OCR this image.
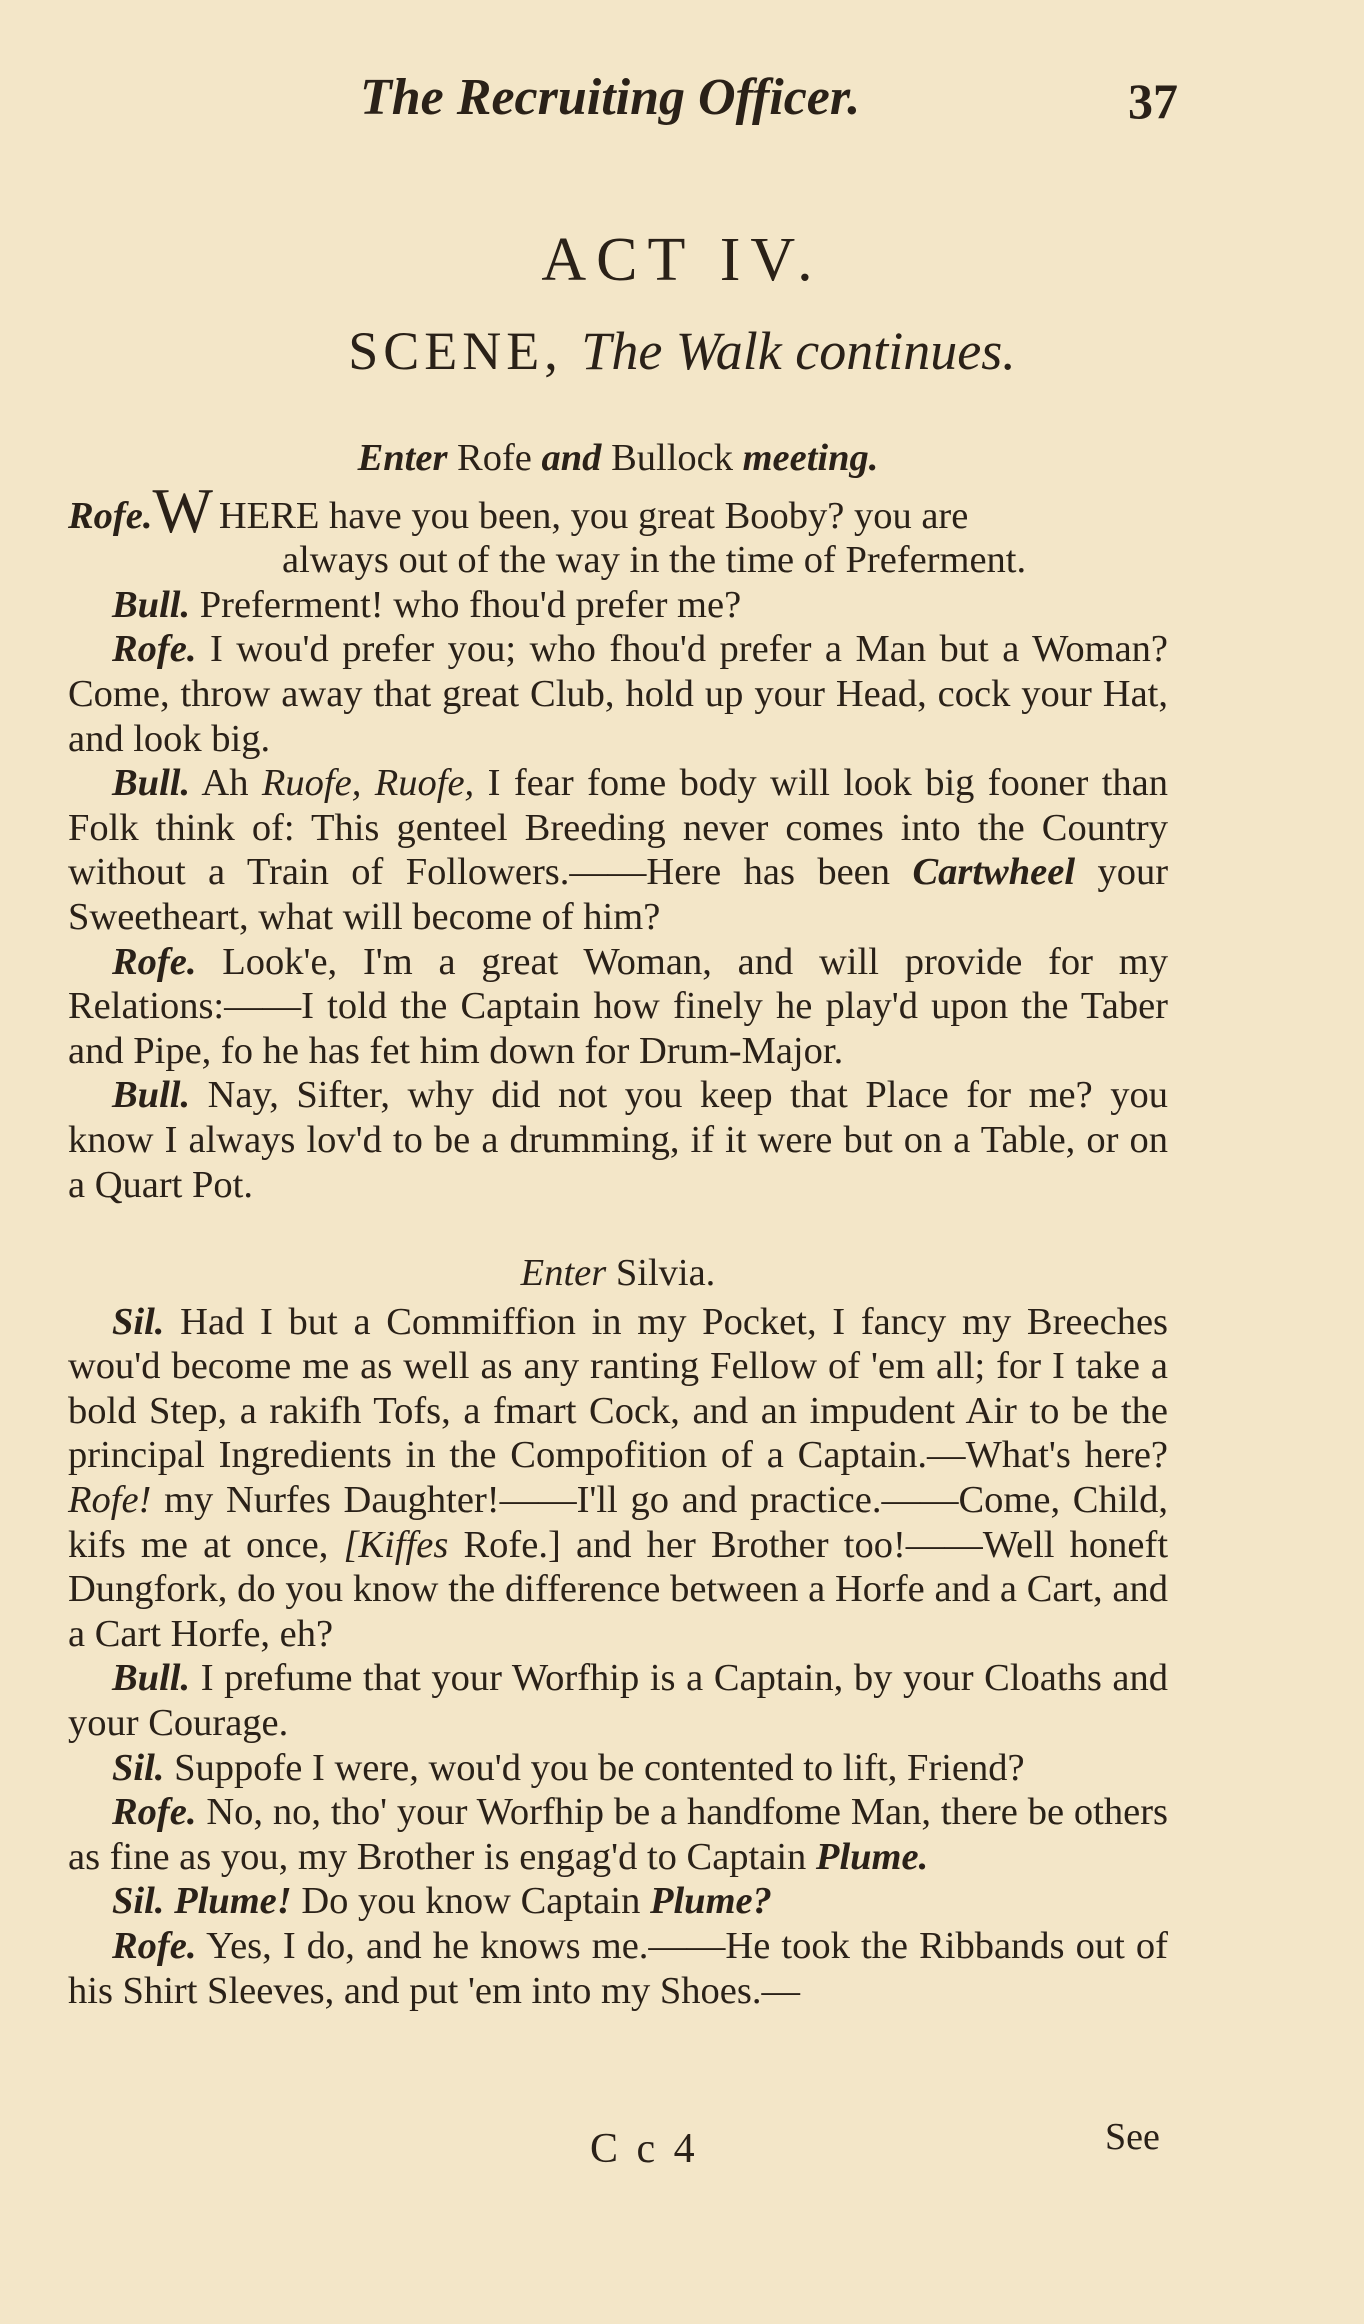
The Recruiting Officer.	37
ACT IV.
SCENE, The Walk continues.

Enter Rofe and Bullock meeting.

Rofe.W HERE have you been, you great Booby? you are
always out of the way in the time of Preferment.

Bull. Preferment! who fhou'd prefer me?

Rofe. I wou'd prefer you; who fhou'd prefer a Man but a Woman? Come, throw away that great Club, hold up your Head, cock your Hat, and look big.

Bull. Ah Ruofe, Ruofe, I fear fome body will look big fooner than Folk think of: This genteel Breeding never comes into the Country without a Train of Followers.——Here has been Cartwheel your Sweetheart, what will become of him?

Rofe. Look'e, I'm a great Woman, and will provide for my Relations:——I told the Captain how finely he play'd upon the Taber and Pipe, fo he has fet him down for Drum-Major.

Bull. Nay, Sifter, why did not you keep that Place for me? you know I always lov'd to be a drumming, if it were but on a Table, or on a Quart Pot.

Enter Silvia.

Sil. Had I but a Commiffion in my Pocket, I fancy my Breeches wou'd become me as well as any ranting Fellow of 'em all; for I take a bold Step, a rakifh Tofs, a fmart Cock, and an impudent Air to be the principal Ingredients in the Compofition of a Captain.—What's here? Rofe! my Nurfes Daughter!——I'll go and practice.——Come, Child, kifs me at once, [Kiffes Rofe.] and her Brother too!——Well honeft Dungfork, do you know the difference between a Horfe and a Cart, and a Cart Horfe, eh?

Bull. I prefume that your Worfhip is a Captain, by your Cloaths and your Courage.

Sil. Suppofe I were, wou'd you be contented to lift, Friend?

Rofe. No, no, tho' your Worfhip be a handfome Man, there be others as fine as you, my Brother is engag'd to Captain Plume.

Sil. Plume! Do you know Captain Plume?

Rofe. Yes, I do, and he knows me.——He took the Ribbands out of his Shirt Sleeves, and put 'em into my Shoes.—

C c 4	See
